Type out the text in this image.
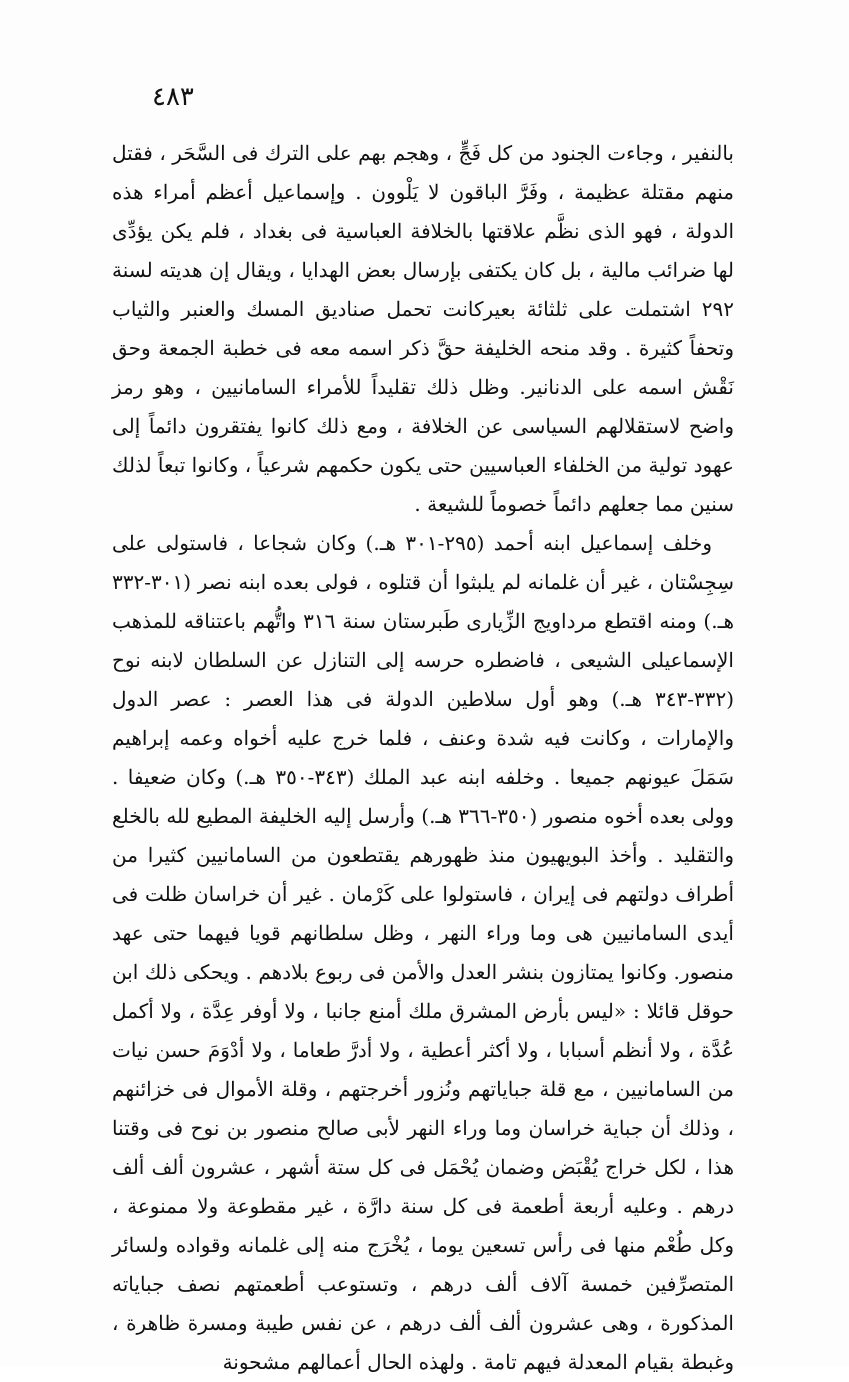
٤٨٣

بالنفير ، وجاءت الجنود من كل فَجٍّ ، وهجم بهم على الترك فى السَّحَر ، فقتل منهم مقتلة عظيمة ، وفَرَّ الباقون لا يَلْوون . وإسماعيل أعظم أمراء هذه الدولة ، فهو الذى نظَّم علاقتها بالخلافة العباسية فى بغداد ، فلم يكن يؤدِّى لها ضرائب مالية ، بل كان يكتفى بإرسال بعض الهدايا ، ويقال إن هديته لسنة ٢٩٢ اشتملت على ثلثائة بعيركانت تحمل صناديق المسك والعنبر والثياب وتحفاً كثيرة . وقد منحه الخليفة حقَّ ذكر اسمه معه فى خطبة الجمعة وحق نَقْش اسمه على الدنانير. وظل ذلك تقليداً للأمراء السامانيين ، وهو رمز واضح لاستقلالهم السياسى عن الخلافة ، ومع ذلك كانوا يفتقرون دائماً إلى عهود تولية من الخلفاء العباسيين حتى يكون حكمهم شرعياً ، وكانوا تبعاً لذلك سنين مما جعلهم دائماً خصوماً للشيعة .

وخلف إسماعيل ابنه أحمد (٢٩٥-٣٠١ هـ.) وكان شجاعا ، فاستولى على سِجِسْتان ، غير أن غلمانه لم يلبثوا أن قتلوه ، فولى بعده ابنه نصر (٣٠١-٣٣٢ هـ.) ومنه اقتطع مرداويج الزِّيارى طَبرستان سنة ٣١٦ واتُّهم باعتناقه للمذهب الإسماعيلى الشيعى ، فاضطره حرسه إلى التنازل عن السلطان لابنه نوح (٣٣٢-٣٤٣ هـ.) وهو أول سلاطين الدولة فى هذا العصر : عصر الدول والإمارات ، وكانت فيه شدة وعنف ، فلما خرج عليه أخواه وعمه إبراهيم سَمَلَ عيونهم جميعا . وخلفه ابنه عبد الملك (٣٤٣-٣٥٠ هـ.) وكان ضعيفا . وولى بعده أخوه منصور (٣٥٠-٣٦٦ هـ.) وأرسل إليه الخليفة المطيع لله بالخلع والتقليد . وأخذ البويهيون منذ ظهورهم يقتطعون من السامانيين كثيرا من أطراف دولتهم فى إيران ، فاستولوا على كَرْمان . غير أن خراسان ظلت فى أيدى السامانيين هى وما وراء النهر ، وظل سلطانهم قويا فيهما حتى عهد منصور. وكانوا يمتازون بنشر العدل والأمن فى ربوع بلادهم . ويحكى ذلك ابن حوقل قائلا : «ليس بأرض المشرق ملك أمنع جانبا ، ولا أوفر عِدَّة ، ولا أكمل عُدَّة ، ولا أنظم أسبابا ، ولا أكثر أعطية ، ولا أدرَّ طعاما ، ولا أدْوَمَ حسن نيات من السامانيين ، مع قلة جباياتهم ونُزور أخرجتهم ، وقلة الأموال فى خزائنهم ، وذلك أن جباية خراسان وما وراء النهر لأبى صالح منصور بن نوح فى وقتنا هذا ، لكل خراج يُقْبَض وضمان يُحْمَل فى كل ستة أشهر ، عشرون ألف ألف درهم . وعليه أربعة أطعمة فى كل سنة دارَّة ، غير مقطوعة ولا ممنوعة ، وكل طُعْم منها فى رأس تسعين يوما ، يُخْرَج منه إلى غلمانه وقواده ولسائر المتصرِّفين خمسة آلاف ألف درهم ، وتستوعب أطعمتهم نصف جباياته المذكورة ، وهى عشرون ألف ألف درهم ، عن نفس طيبة ومسرة ظاهرة ، وغبطة بقيام المعدلة فيهم تامة . ولهذه الحال أعمالهم مشحونة
